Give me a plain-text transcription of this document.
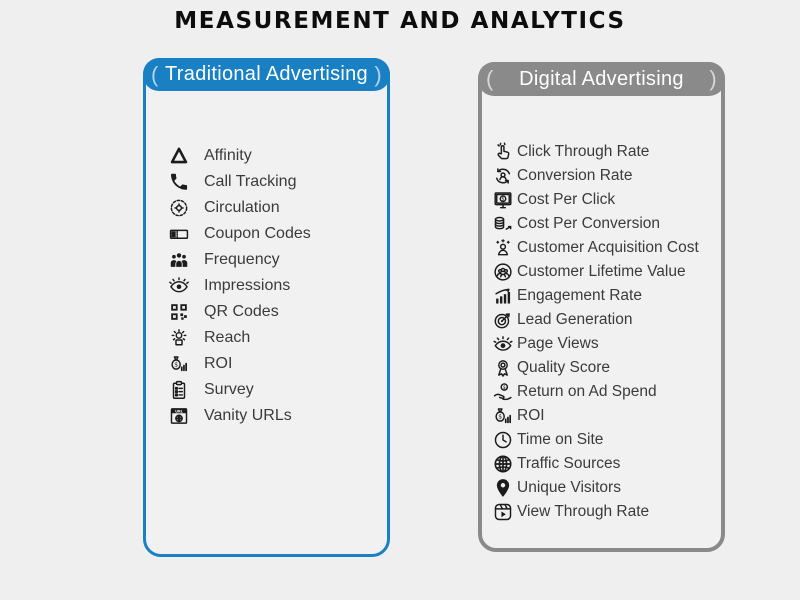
MEASUREMENT AND ANALYTICS
( Traditional Advertising )
Affinity
Call Tracking
Circulation
Coupon Codes
Frequency
Impressions
QR Codes
Reach
$ ROI
Survey
URL Vanity URLs
(	Digital Advertising	)
Click Through Rate
Conversion Rate
$ Cost Per Click
Cost Per Conversion
Customer Acquisition Cost
Customer Lifetime Value
Engagement Rate
Lead Generation
Page Views
Quality Score
$ Return on Ad Spend
$ ROI
Time on Site
Traffic Sources
Unique Visitors
View Through Rate
